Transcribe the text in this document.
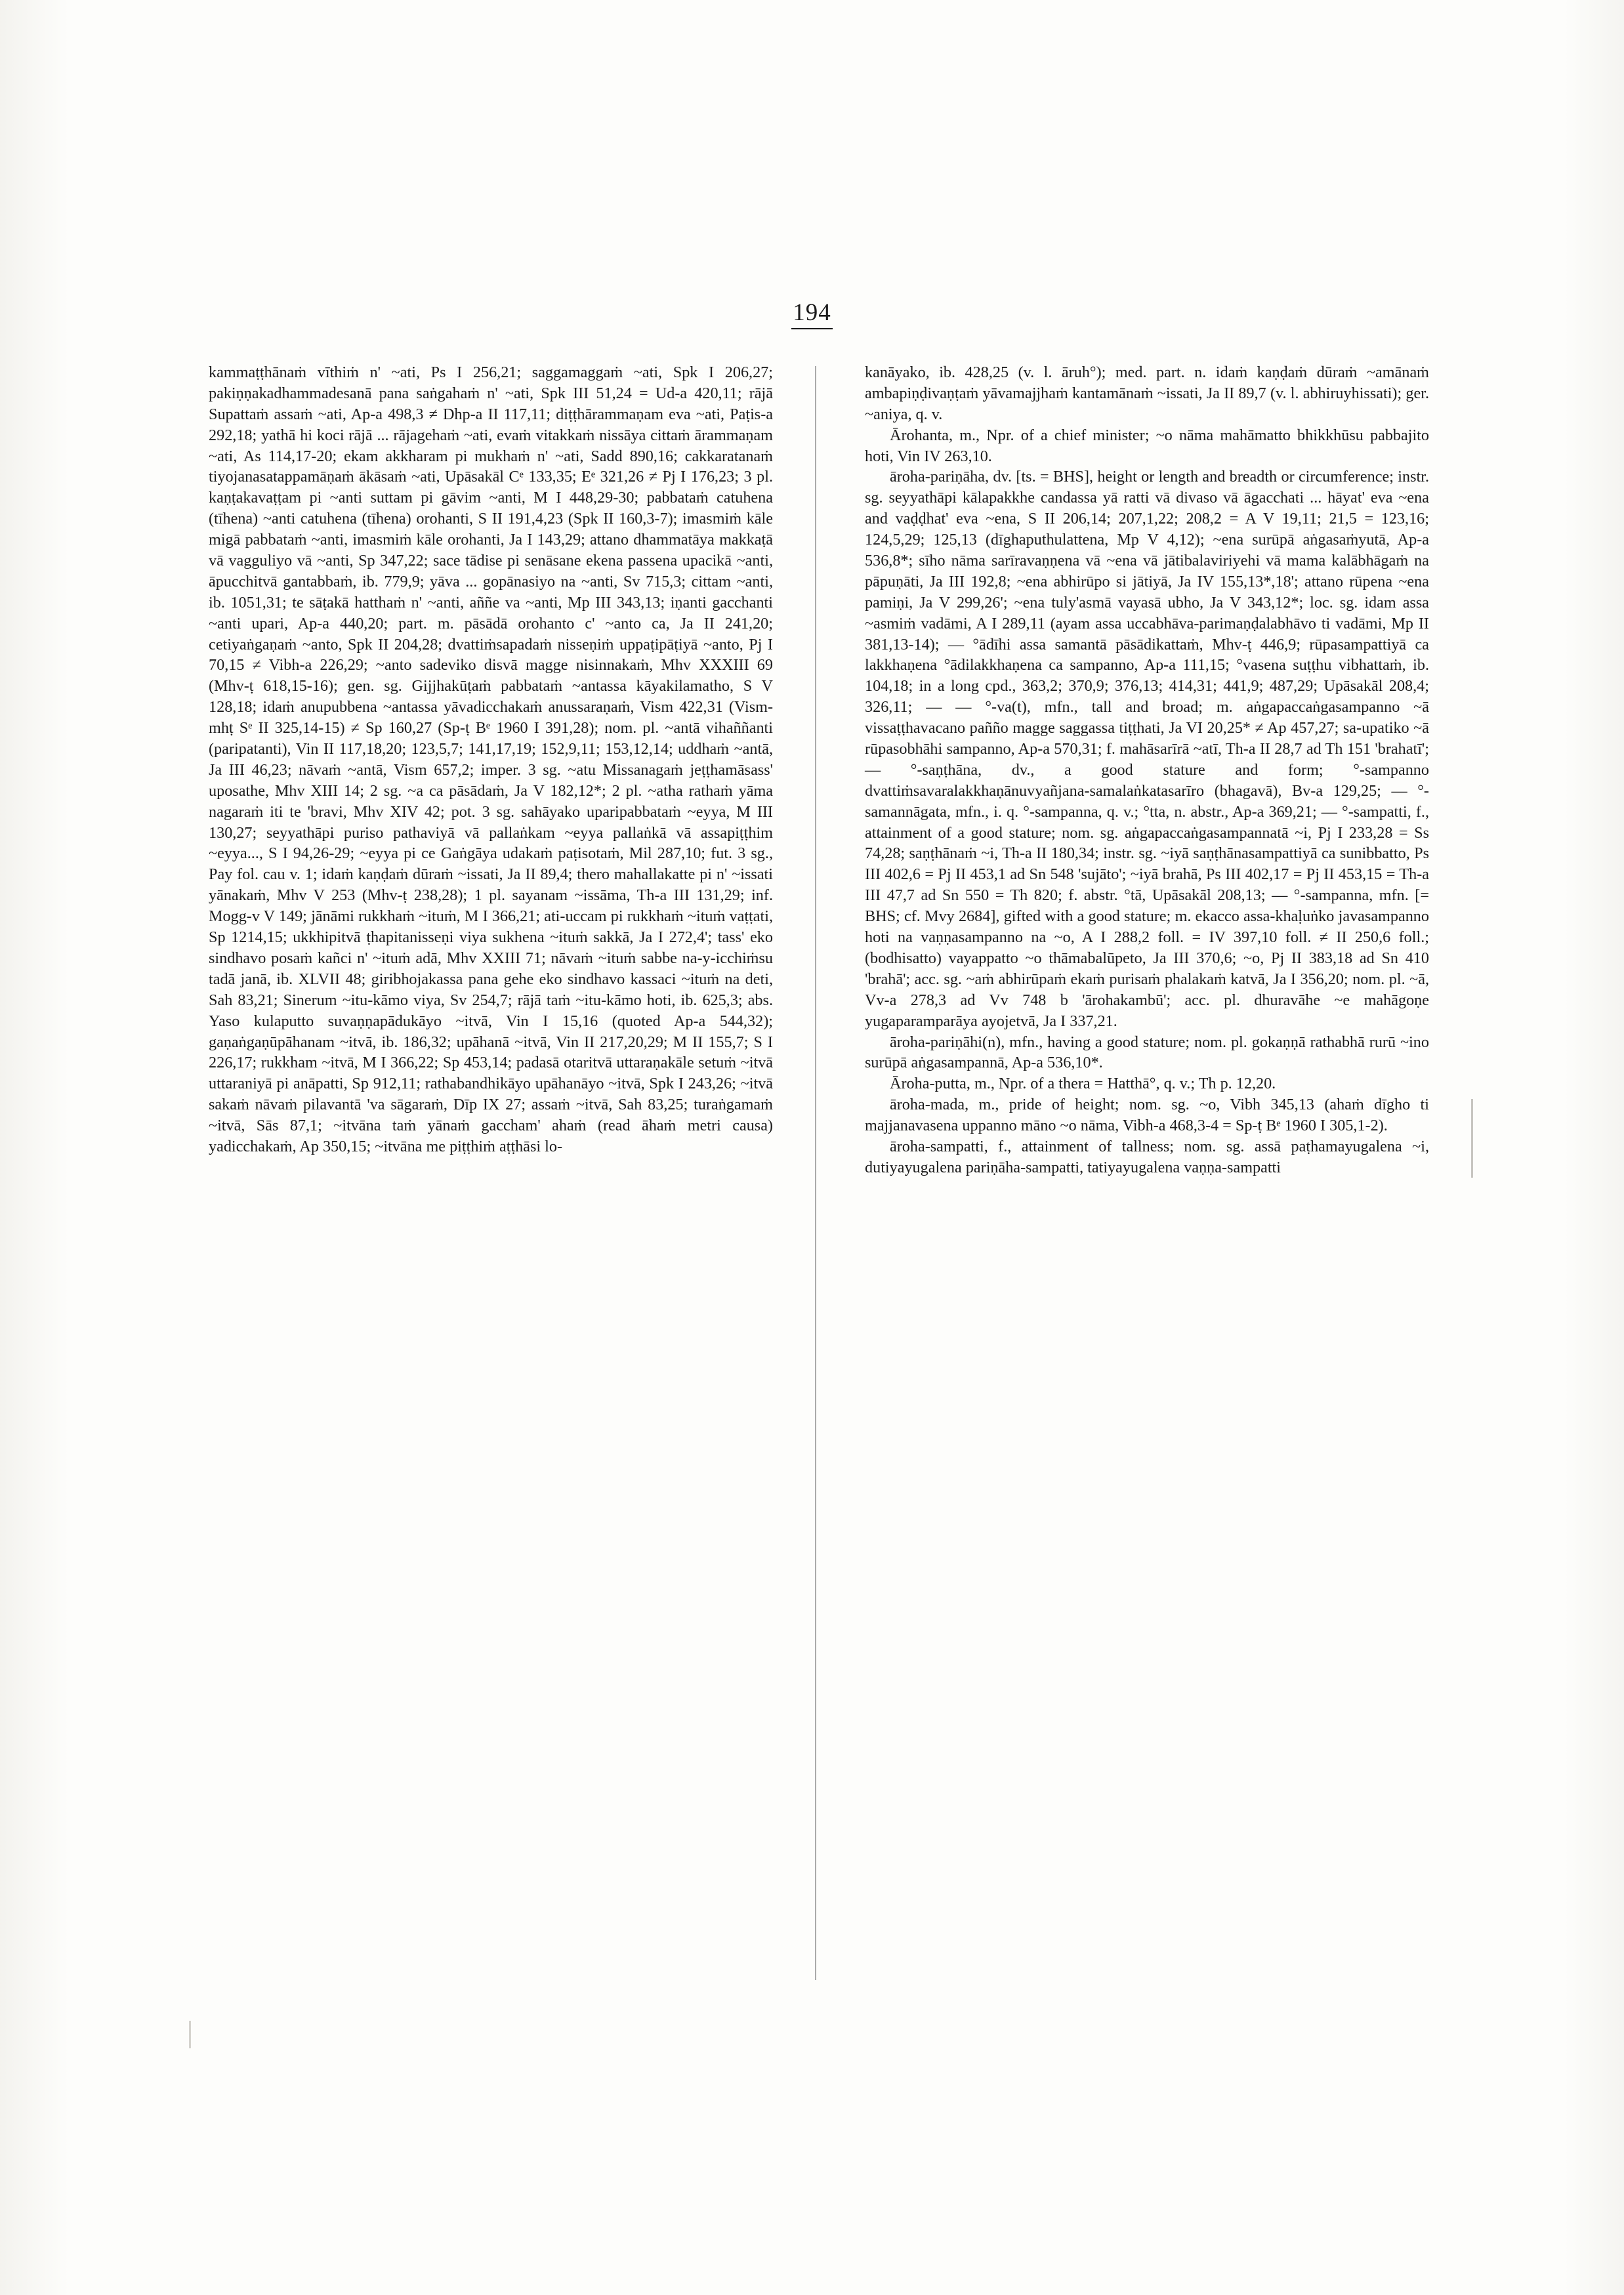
194

kammaṭṭhānaṁ vīthiṁ n' ~ati, Ps I 256,21; saggamaggaṁ ~ati, Spk I 206,27; pakiṇṇakadhammadesanā pana saṅgahaṁ n' ~ati, Spk III 51,24 = Ud-a 420,11; rājā Supattaṁ assaṁ ~ati, Ap-a 498,3 ≠ Dhp-a II 117,11; diṭṭhārammaṇam eva ~ati, Paṭis-a 292,18; yathā hi koci rājā ... rājagehaṁ ~ati, evaṁ vitakkaṁ nissāya cittaṁ ārammaṇam ~ati, As 114,17-20; ekam akkharam pi mukhaṁ n' ~ati, Sadd 890,16; cakkaratanaṁ tiyojanasatappamāṇaṁ ākāsaṁ ~ati, Upāsakāl Cᵉ 133,35; Eᵉ 321,26 ≠ Pj I 176,23; 3 pl. kaṇṭakavaṭṭam pi ~anti suttam pi gāvim ~anti, M I 448,29-30; pabbataṁ catuhena (tīhena) ~anti catuhena (tīhena) orohanti, S II 191,4,23 (Spk II 160,3-7); imasmiṁ kāle migā pabbataṁ ~anti, imasmiṁ kāle orohanti, Ja I 143,29; attano dhammatāya makkaṭā vā vagguliyo vā ~anti, Sp 347,22; sace tādise pi senāsane ekena passena upacikā ~anti, āpucchitvā gantabbaṁ, ib. 779,9; yāva ... gopānasiyo na ~anti, Sv 715,3; cittam ~anti, ib. 1051,31; te sāṭakā hatthaṁ n' ~anti, aññe va ~anti, Mp III 343,13; iṇanti gacchanti ~anti upari, Ap-a 440,20; part. m. pāsādā orohanto c' ~anto ca, Ja II 241,20; cetiyaṅgaṇaṁ ~anto, Spk II 204,28; dvattiṁsapadaṁ nisseṇiṁ uppaṭipāṭiyā ~anto, Pj I 70,15 ≠ Vibh-a 226,29; ~anto sadeviko disvā magge nisinnakaṁ, Mhv XXXIII 69 (Mhv-ṭ 618,15-16); gen. sg. Gijjhakūṭaṁ pabbataṁ ~antassa kāyakilamatho, S V 128,18; idaṁ anupubbena ~antassa yāvadicchakaṁ anussaraṇaṁ, Vism 422,31 (Vism-mhṭ Sᵉ II 325,14-15) ≠ Sp 160,27 (Sp-ṭ Bᵉ 1960 I 391,28); nom. pl. ~antā vihaññanti (paripatanti), Vin II 117,18,20; 123,5,7; 141,17,19; 152,9,11; 153,12,14; uddhaṁ ~antā, Ja III 46,23; nāvaṁ ~antā, Vism 657,2; imper. 3 sg. ~atu Missanagaṁ jeṭṭhamāsass' uposathe, Mhv XIII 14; 2 sg. ~a ca pāsādaṁ, Ja V 182,12*; 2 pl. ~atha rathaṁ yāma nagaraṁ iti te 'bravi, Mhv XIV 42; pot. 3 sg. sahāyako uparipabbataṁ ~eyya, M III 130,27; seyyathāpi puriso pathaviyā vā pallaṅkam ~eyya pallaṅkā vā assapiṭṭhim ~eyya..., S I 94,26-29; ~eyya pi ce Gaṅgāya udakaṁ paṭisotaṁ, Mil 287,10; fut. 3 sg., Pay fol. cau v. 1; idaṁ kaṇḍaṁ dūraṁ ~issati, Ja II 89,4; thero mahallakatte pi n' ~issati yānakaṁ, Mhv V 253 (Mhv-ṭ 238,28); 1 pl. sayanam ~issāma, Th-a III 131,29; inf. Mogg-v V 149; jānāmi rukkhaṁ ~ituṁ, M I 366,21; ati-uccam pi rukkhaṁ ~ituṁ vaṭṭati, Sp 1214,15; ukkhipitvā ṭhapitanisseṇi viya sukhena ~ituṁ sakkā, Ja I 272,4'; tass' eko sindhavo posaṁ kañci n' ~ituṁ adā, Mhv XXIII 71; nāvaṁ ~ituṁ sabbe na-y-icchiṁsu tadā janā, ib. XLVII 48; giribhojakassa pana gehe eko sindhavo kassaci ~ituṁ na deti, Sah 83,21; Sinerum ~itu-kāmo viya, Sv 254,7; rājā taṁ ~itu-kāmo hoti, ib. 625,3; abs. Yaso kulaputto suvaṇṇapādukāyo ~itvā, Vin I 15,16 (quoted Ap-a 544,32); gaṇaṅgaṇūpāhanam ~itvā, ib. 186,32; upāhanā ~itvā, Vin II 217,20,29; M II 155,7; S I 226,17; rukkham ~itvā, M I 366,22; Sp 453,14; padasā otaritvā uttaraṇakāle setuṁ ~itvā uttaraniyā pi anāpatti, Sp 912,11; rathabandhikāyo upāhanāyo ~itvā, Spk I 243,26; ~itvā sakaṁ nāvaṁ pilavantā 'va sāgaraṁ, Dīp IX 27; assaṁ ~itvā, Sah 83,25; turaṅgamaṁ ~itvā, Sās 87,1; ~itvāna taṁ yānaṁ gaccham' ahaṁ (read āhaṁ metri causa) yadicchakaṁ, Ap 350,15; ~itvāna me piṭṭhiṁ aṭṭhāsi lo-

kanāyako, ib. 428,25 (v. l. āruh°); med. part. n. idaṁ kaṇḍaṁ dūraṁ ~amānaṁ ambapiṇḍivaṇṭaṁ yāvamajjhaṁ kantamānaṁ ~issati, Ja II 89,7 (v. l. abhiruyhissati); ger. ~aniya, q. v.

Ārohanta, m., Npr. of a chief minister; ~o nāma mahāmatto bhikkhūsu pabbajito hoti, Vin IV 263,10.

āroha-pariṇāha, dv. [ts. = BHS], height or length and breadth or circumference; instr. sg. seyyathāpi kālapakkhe candassa yā ratti vā divaso vā āgacchati ... hāyat' eva ~ena and vaḍḍhat' eva ~ena, S II 206,14; 207,1,22; 208,2 = A V 19,11; 21,5 = 123,16; 124,5,29; 125,13 (dīghaputhulattena, Mp V 4,12); ~ena surūpā aṅgasaṁyutā, Ap-a 536,8*; sīho nāma sarīravaṇṇena vā ~ena vā jātibalaviriyehi vā mama kalābhāgaṁ na pāpuṇāti, Ja III 192,8; ~ena abhirūpo si jātiyā, Ja IV 155,13*,18'; attano rūpena ~ena pamiṇi, Ja V 299,26'; ~ena tuly'asmā vayasā ubho, Ja V 343,12*; loc. sg. idam assa ~asmiṁ vadāmi, A I 289,11 (ayam assa uccabhāva-parimaṇḍalabhāvo ti vadāmi, Mp II 381,13-14); — °ādīhi assa samantā pāsādikattaṁ, Mhv-ṭ 446,9; rūpasampattiyā ca lakkhaṇena °ādilakkhaṇena ca sampanno, Ap-a 111,15; °vasena suṭṭhu vibhattaṁ, ib. 104,18; in a long cpd., 363,2; 370,9; 376,13; 414,31; 441,9; 487,29; Upāsakāl 208,4; 326,11; — — °-va(t), mfn., tall and broad; m. aṅgapaccaṅgasampanno ~ā vissaṭṭhavacano pañño magge saggassa tiṭṭhati, Ja VI 20,25* ≠ Ap 457,27; sa-upatiko ~ā rūpasobhāhi sampanno, Ap-a 570,31; f. mahāsarīrā ~atī, Th-a II 28,7 ad Th 151 'brahatī'; — °-saṇṭhāna, dv., a good stature and form; °-sampanno dvattiṁsavaralakkhaṇānuvyañjana-samalaṅkatasarīro (bhagavā), Bv-a 129,25; — °-samannāgata, mfn., i. q. °-sampanna, q. v.; °tta, n. abstr., Ap-a 369,21; — °-sampatti, f., attainment of a good stature; nom. sg. aṅgapaccaṅgasampannatā ~i, Pj I 233,28 = Ss 74,28; saṇṭhānaṁ ~i, Th-a II 180,34; instr. sg. ~iyā saṇṭhānasampattiyā ca sunibbatto, Ps III 402,6 = Pj II 453,1 ad Sn 548 'sujāto'; ~iyā brahā, Ps III 402,17 = Pj II 453,15 = Th-a III 47,7 ad Sn 550 = Th 820; f. abstr. °tā, Upāsakāl 208,13; — °-sampanna, mfn. [= BHS; cf. Mvy 2684], gifted with a good stature; m. ekacco assa-khaḷuṅko javasampanno hoti na vaṇṇasampanno na ~o, A I 288,2 foll. = IV 397,10 foll. ≠ II 250,6 foll.; (bodhisatto) vayappatto ~o thāmabalūpeto, Ja III 370,6; ~o, Pj II 383,18 ad Sn 410 'brahā'; acc. sg. ~aṁ abhirūpaṁ ekaṁ purisaṁ phalakaṁ katvā, Ja I 356,20; nom. pl. ~ā, Vv-a 278,3 ad Vv 748 b 'ārohakambū'; acc. pl. dhuravāhe ~e mahāgoṇe yugaparamparāya ayojetvā, Ja I 337,21.

āroha-pariṇāhi(n), mfn., having a good stature; nom. pl. gokaṇṇā rathabhā rurū ~ino surūpā aṅgasampannā, Ap-a 536,10*.

Āroha-putta, m., Npr. of a thera = Hatthā°, q. v.; Th p. 12,20.

āroha-mada, m., pride of height; nom. sg. ~o, Vibh 345,13 (ahaṁ dīgho ti majjanavasena uppanno māno ~o nāma, Vibh-a 468,3-4 = Sp-ṭ Bᵉ 1960 I 305,1-2).

āroha-sampatti, f., attainment of tallness; nom. sg. assā paṭhamayugalena ~i, dutiyayugalena pariṇāha-sampatti, tatiyayugalena vaṇṇa-sampatti
